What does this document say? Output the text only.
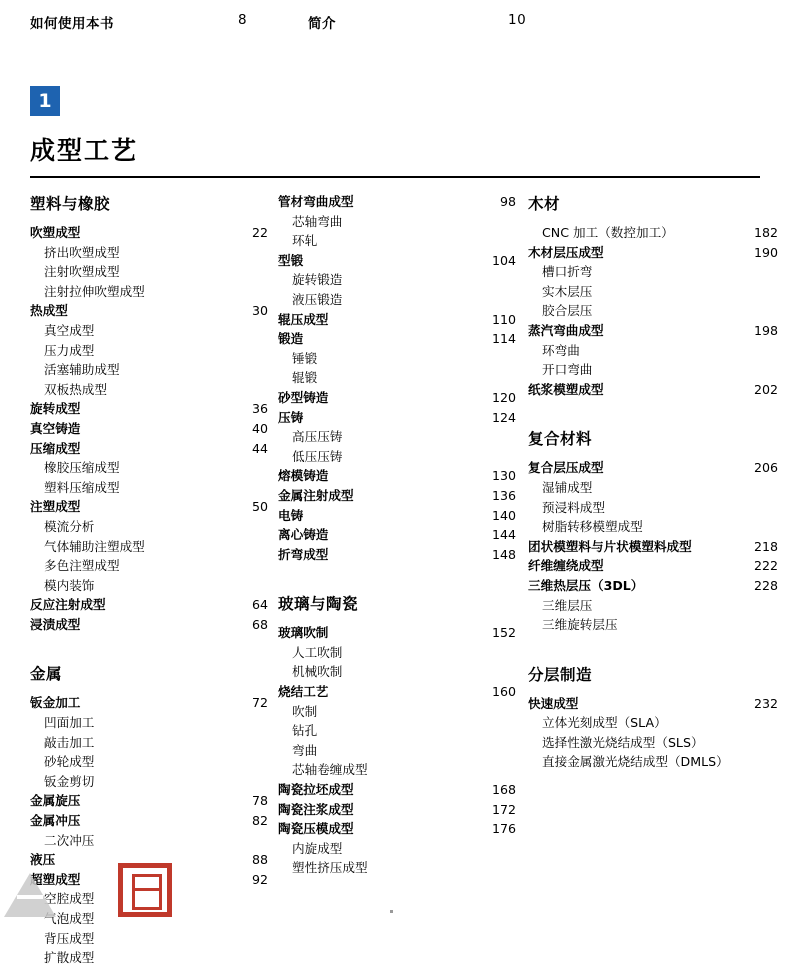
如何使用本书	8	简介	10
1
成型工艺
塑料与橡胶
吹塑成型	22
挤出吹塑成型
注射吹塑成型
注射拉伸吹塑成型
热成型	30
真空成型
压力成型
活塞辅助成型
双板热成型
旋转成型	36
真空铸造	40
压缩成型	44
橡胶压缩成型
塑料压缩成型
注塑成型	50
模流分析
气体辅助注塑成型
多色注塑成型
模内装饰
反应注射成型	64
浸渍成型	68
金属
钣金加工	72
凹面加工
敲击加工
砂轮成型
钣金剪切
金属旋压	78
金属冲压	82
二次冲压
液压	88
超塑成型	92
空腔成型
气泡成型
背压成型
扩散成型
管材弯曲成型	98
芯轴弯曲
环轧
型锻	104
旋转锻造
液压锻造
辊压成型	110
锻造	114
锤锻
辊锻
砂型铸造	120
压铸	124
高压压铸
低压压铸
熔模铸造	130
金属注射成型	136
电铸	140
离心铸造	144
折弯成型	148
玻璃与陶瓷
玻璃吹制	152
人工吹制
机械吹制
烧结工艺	160
吹制
钻孔
弯曲
芯轴卷缠成型
陶瓷拉坯成型	168
陶瓷注浆成型	172
陶瓷压模成型	176
内旋成型
塑性挤压成型
木材
CNC 加工（数控加工）	182
木材层压成型	190
槽口折弯
实木层压
胶合层压
蒸汽弯曲成型	198
环弯曲
开口弯曲
纸浆模塑成型	202
复合材料
复合层压成型	206
湿铺成型
预浸料成型
树脂转移模塑成型
团状模塑料与片状模塑料成型	218
纤维缠绕成型	222
三维热层压（3DL）	228
三维层压
三维旋转层压
分层制造
快速成型	232
立体光刻成型（SLA）
选择性激光烧结成型（SLS）
直接金属激光烧结成型（DMLS）
